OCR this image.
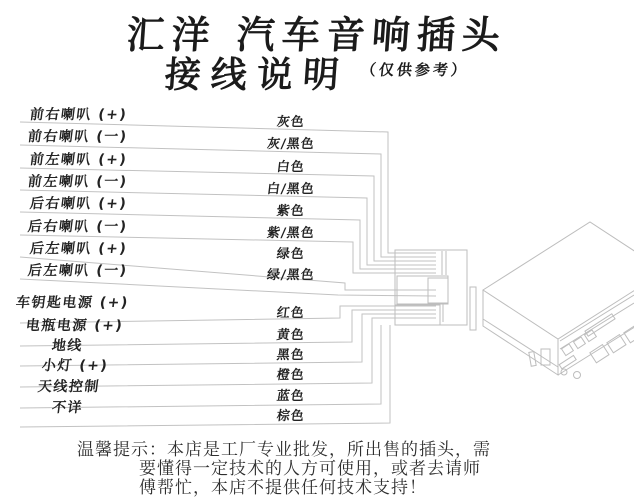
汇洋 汽车音响插头
接线说明 （仅供参考）
前右喇叭 (+)
前右喇叭 (一)
前左喇叭 (+)
前左喇叭 (一)
后右喇叭 (+)
后右喇叭 (一)
后左喇叭 (+)
后左喇叭 (一)
车钥匙电源 (+)
电瓶电源 (+)
地线
小灯 (+)
天线控制
不详
灰色
灰/黑色
白色
白/黑色
紫色
紫/黑色
绿色
绿/黑色
红色
黄色
黑色
橙色
蓝色
棕色
温馨提示：本店是工厂专业批发，所出售的插头，需
要懂得一定技术的人方可使用，或者去请师
傅帮忙，本店不提供任何技术支持！
